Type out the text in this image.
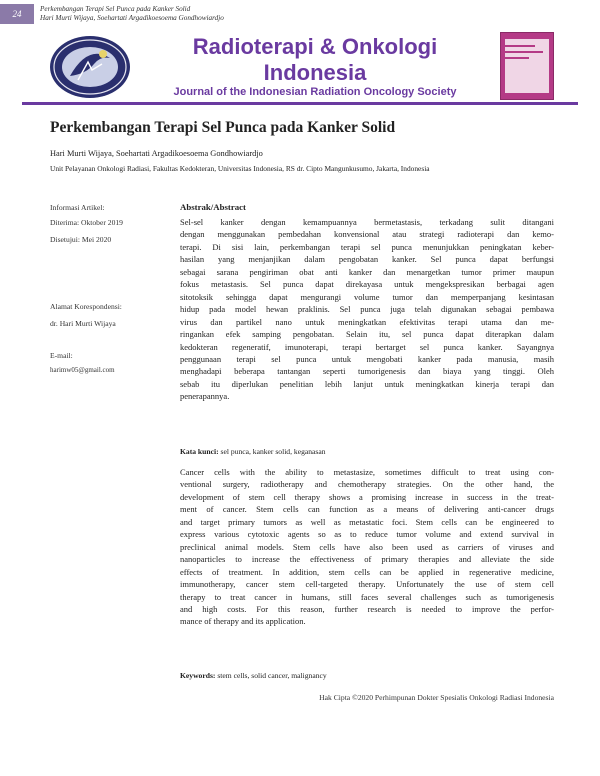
24	Perkembangan Terapi Sel Punca pada Kanker Solid
Hari Murti Wijaya, Soehartati Argadikoesoema Gondhowiardjo
Radioterapi & Onkologi
Indonesia
Journal of the Indonesian Radiation Oncology Society
Perkembangan Terapi Sel Punca pada Kanker Solid
Hari Murti Wijaya, Soehartati Argadikoesoema Gondhowiardjo
Unit Pelayanan Onkologi Radiasi, Fakultas Kedokteran, Universitas Indonesia, RS dr. Cipto Mangunkusumo, Jakarta, Indonesia
Informasi Artikel:
Diterima: Oktober 2019
Disetujui: Mei 2020
Alamat Korespondensi:
dr. Hari Murti Wijaya
E-mail:
harimw05@gmail.com
Abstrak/Abstract
Sel-sel kanker dengan kemampuannya bermetastasis, terkadang sulit ditangani
dengan menggunakan pembedahan konvensional atau strategi radioterapi dan kemo-
terapi. Di sisi lain, perkembangan terapi sel punca menunjukkan peningkatan keber-
hasilan yang menjanjikan dalam pengobatan kanker. Sel punca dapat berfungsi
sebagai sarana pengiriman obat anti kanker dan menargetkan tumor primer maupun
fokus metastasis. Sel punca dapat direkayasa untuk mengekspresikan berbagai agen
sitotoksik sehingga dapat mengurangi volume tumor dan memperpanjang kesintasan
hidup pada model hewan praklinis. Sel punca juga telah digunakan sebagai pembawa
virus dan partikel nano untuk meningkatkan efektivitas terapi utama dan me-
ringankan efek samping pengobatan. Selain itu, sel punca dapat diterapkan dalam
kedokteran regeneratif, imunoterapi, terapi bertarget sel punca kanker. Sayangnya
penggunaan terapi sel punca untuk mengobati kanker pada manusia, masih
menghadapi beberapa tantangan seperti tumorigenesis dan biaya yang tinggi. Oleh
sebab itu diperlukan penelitian lebih lanjut untuk meningkatkan kinerja terapi dan
penerapannya.
Kata kunci: sel punca, kanker solid, keganasan
Cancer cells with the ability to metastasize, sometimes difficult to treat using con-
ventional surgery, radiotherapy and chemotherapy strategies. On the other hand, the
development of stem cell therapy shows a promising increase in success in the treat-
ment of cancer. Stem cells can function as a means of delivering anti-cancer drugs
and target primary tumors as well as metastatic foci. Stem cells can be engineered to
express various cytotoxic agents so as to reduce tumor volume and extend survival in
preclinical animal models. Stem cells have also been used as carriers of viruses and
nanoparticles to increase the effectiveness of primary therapies and alleviate the side
effects of treatment. In addition, stem cells can be applied in regenerative medicine,
immunotherapy, cancer stem cell-targeted therapy. Unfortunately the use of stem cell
therapy to treat cancer in humans, still faces several challenges such as tumorigenesis
and high costs. For this reason, further research is needed to improve the perfor-
mance of therapy and its application.
Keywords: stem cells, solid cancer, malignancy
Hak Cipta ©2020 Perhimpunan Dokter Spesialis Onkologi Radiasi Indonesia
